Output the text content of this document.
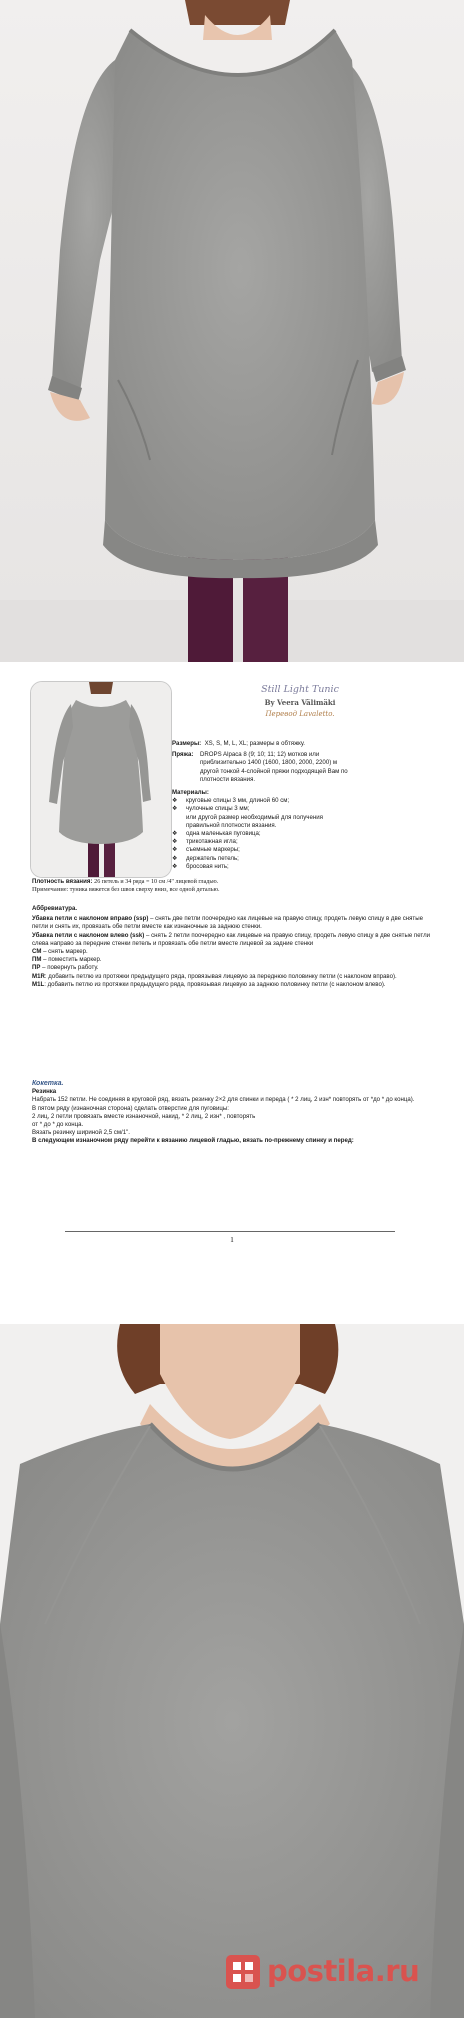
Still Light Tunic
By Veera Välimäki
Перевод Lavaletto.
Размеры:
XS, S, M, L, XL; размеры в обтяжку.
Пряжа:	DROPS Alpaca 8 (9; 10; 11; 12) мотков или
приблизительно 1400 (1600, 1800, 2000, 2200) м
другой тонкой 4-слойной пряжи подходящей Вам по
плотности вязания.
Материалы:
❖	круговые спицы 3 мм, длиной 60 см;
❖	чулочные спицы 3 мм;
или другой размер необходимый для получения
правильной плотности вязания.
❖	одна маленькая пуговица;
❖	трикотажная игла;
❖	съемные маркеры;
❖	держатель петель;
❖	бросовая нить;
Плотность вязания: 26 петель и 34 ряда = 10 см /4" лицевой гладью.
Примечание: туника вяжется без швов сверху вниз, все одной деталью.

Аббревиатура.

Убавка петли с наклоном вправо (ssp) – снять две петли поочередно как лицевые на правую спицу, продеть левую спицу в две снятые петли и снять их, провязать обе петли вместе как изнаночные за заднюю стенки.

Убавка петли с наклоном влево (ssk) – снять 2 петли поочередно как лицевые на правую спицу, продеть левую спицу в две снятые петли слева направо за передние стенки петель и провязать обе петли вместе лицевой за задние стенки

СМ – снять маркер.

ПМ – поместить маркер.

ПР – повернуть работу.

M1R: добавить петлю из протяжки предыдущего ряда, провязывая лицевую за переднюю половинку петли (с наклоном вправо).

M1L: добавить петлю из протяжки предыдущего ряда, провязывая лицевую за заднюю половинку петли (с наклоном влево).

Кокетка.

Резинка

Набрать 152 петли. Не соединяя в круговой ряд, вязать резинку 2×2 для спинки и переда ( * 2 лиц, 2 изн* повторять от *до * до конца).

В пятом ряду (изнаночная сторона) сделать отверстие для пуговицы:

2 лиц, 2 петли провязать вместе изнаночной, накид, * 2 лиц, 2 изн* , повторять

от * до * до конца.

Вязать резинку шириной 2,5 см/1".

В следующем изнаночном ряду перейти к вязанию лицевой гладью, вязать по-прежнему спинку и перед:

1
postila.ru
